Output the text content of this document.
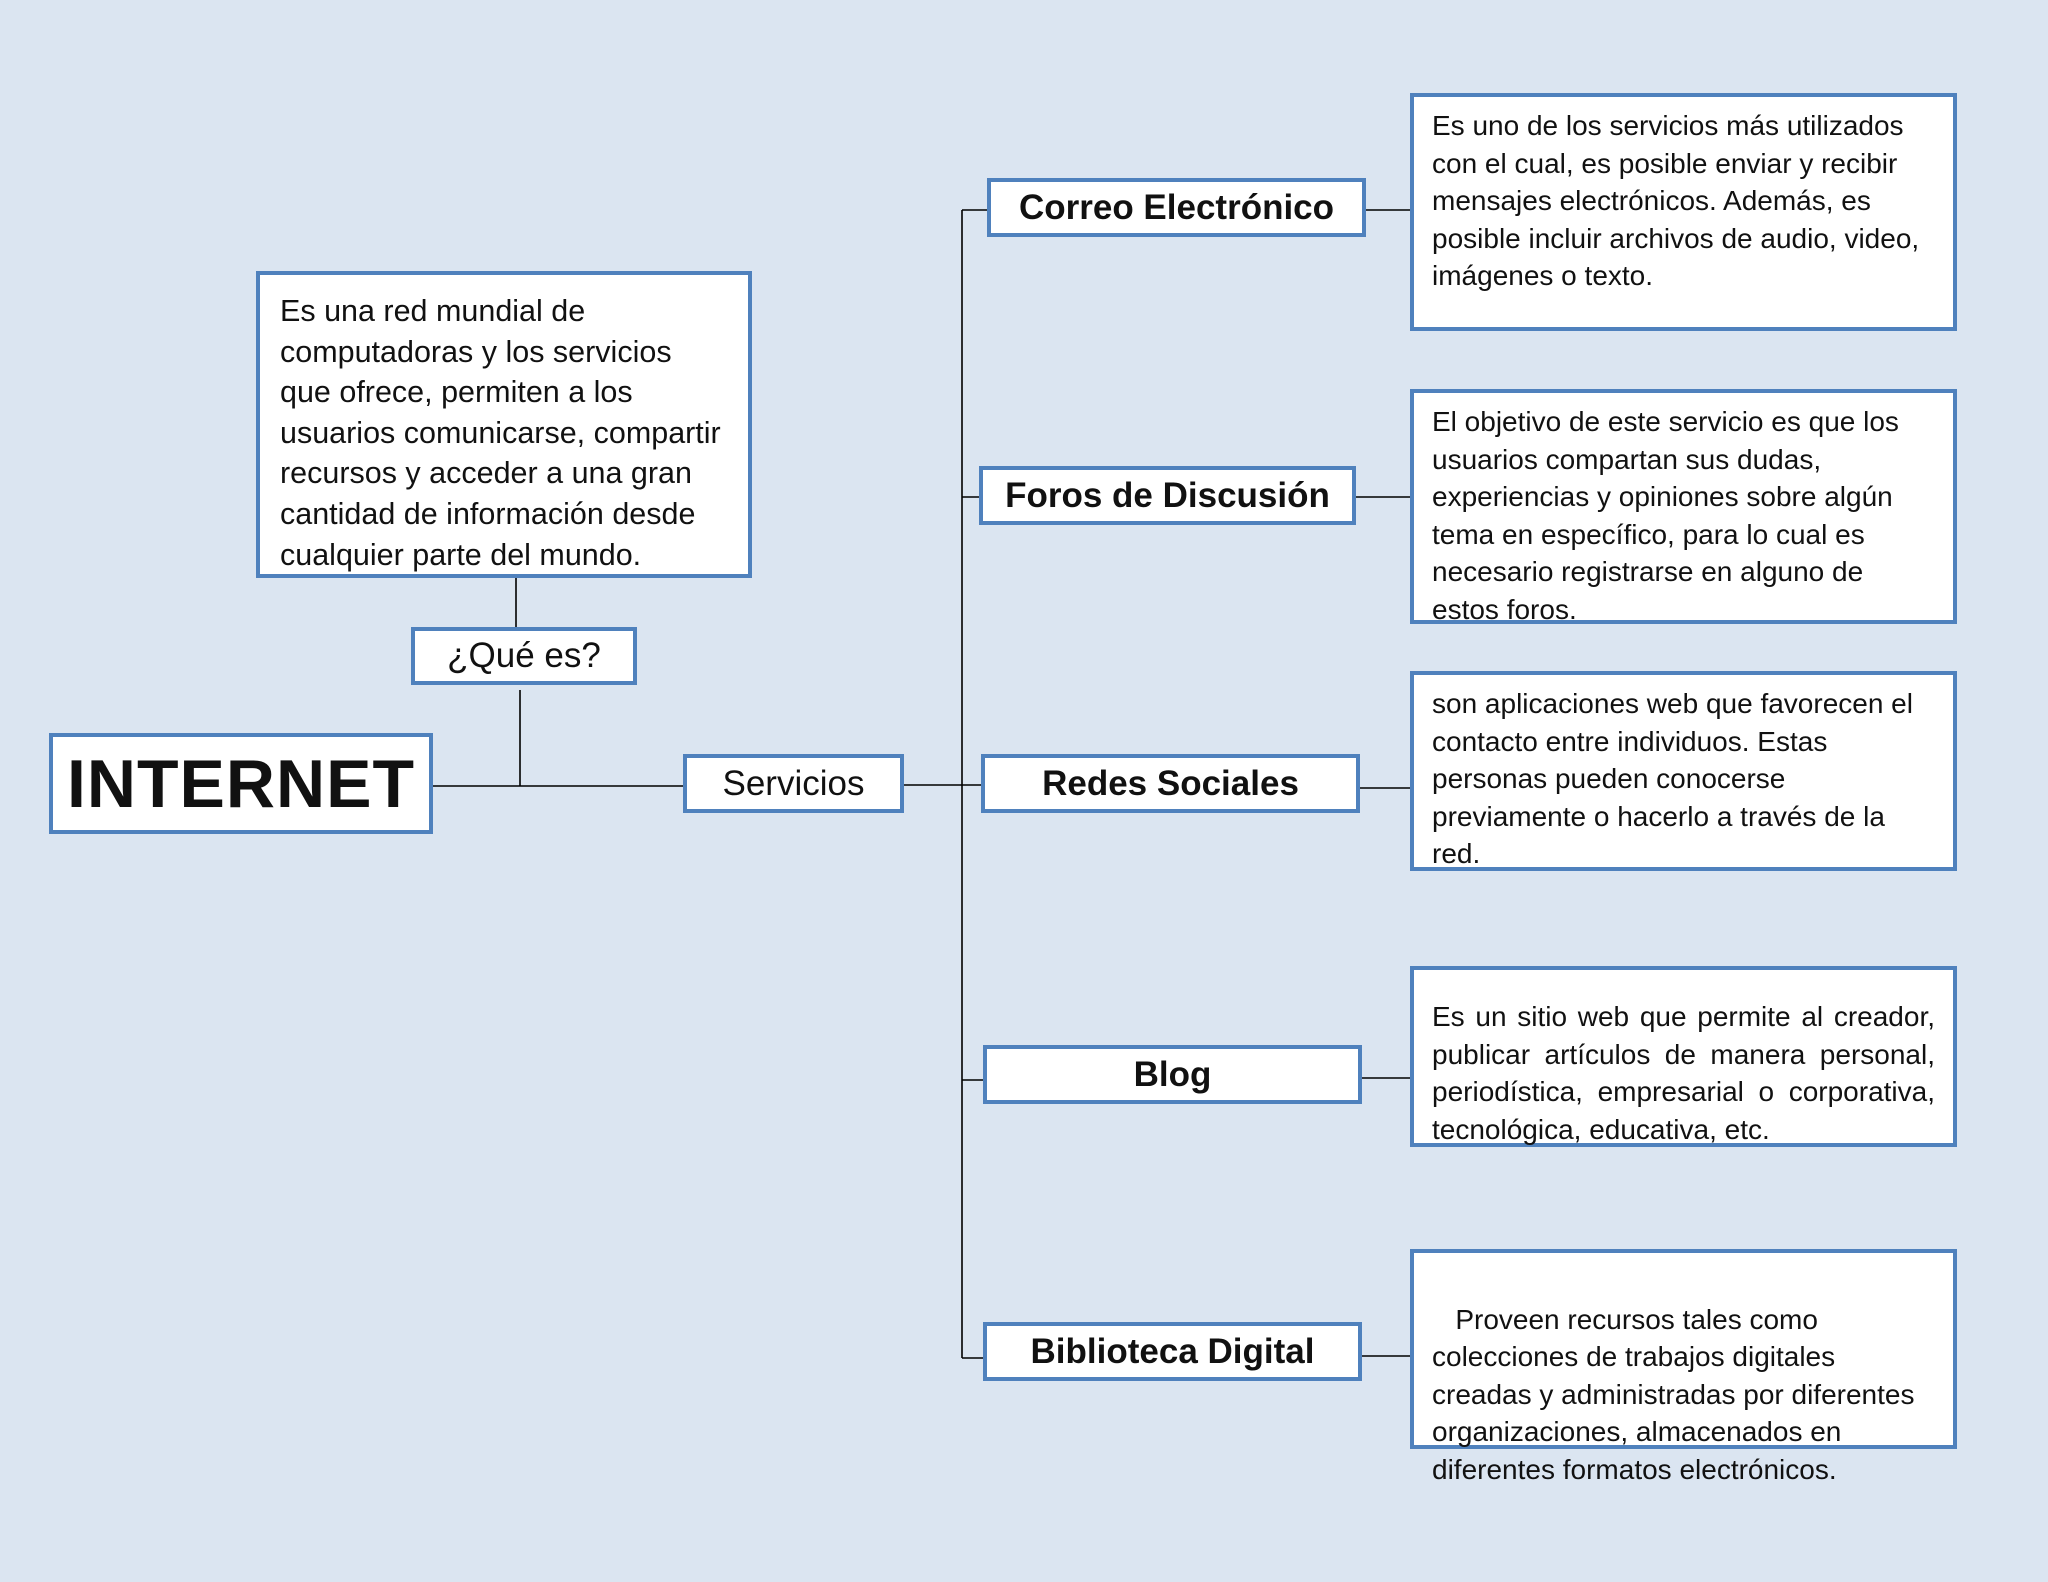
INTERNET
Es una red mundial de computadoras y los servicios que ofrece, permiten a los usuarios comunicarse, compartir recursos y acceder a una gran cantidad de información desde cualquier parte del mundo.
¿Qué es?
Servicios
Correo Electrónico
Es uno de los servicios más utilizados con el cual, es posible enviar y recibir mensajes electrónicos. Además, es posible incluir archivos de audio, video, imágenes o texto.
Foros de Discusión
El objetivo de este servicio es que los usuarios compartan sus dudas, experiencias y opiniones sobre algún tema en específico, para lo cual es necesario registrarse en alguno de estos foros.
Redes Sociales
son aplicaciones web que favorecen el contacto entre individuos. Estas personas pueden conocerse previamente o hacerlo a través de la red.
Blog
Es un sitio web que permite al creador, publicar artículos de manera personal, periodística, empresarial o corporativa, tecnológica, educativa, etc.
Biblioteca Digital

Proveen recursos tales como colecciones de trabajos digitales creadas y administradas por diferentes organizaciones, almacenados en diferentes formatos electrónicos.
